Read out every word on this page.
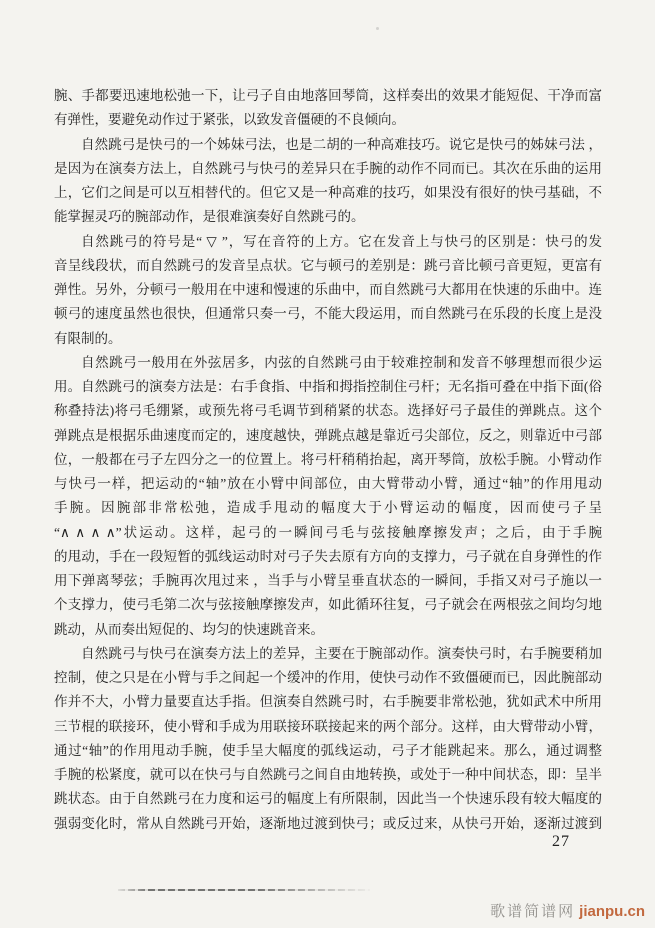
腕、手都要迅速地松弛一下，让弓子自由地落回琴筒，这样奏出的效果才能短促、干净而富
有弹性，要避免动作过于紧张，以致发音僵硬的不良倾向。
自然跳弓是快弓的一个姊妹弓法，也是二胡的一种高难技巧。说它是快弓的姊妹弓法 ，
是因为在演奏方法上，自然跳弓与快弓的差异只在手腕的动作不同而已。其次在乐曲的运用
上，它们之间是可以互相替代的。但它又是一种高难的技巧，如果没有很好的快弓基础，不
能掌握灵巧的腕部动作，是很难演奏好自然跳弓的。
自然跳弓的符号是“ ▽ ”，写在音符的上方。它在发音上与快弓的区别是：快弓的发
音呈线段状，而自然跳弓的发音呈点状。它与顿弓的差别是：跳弓音比顿弓音更短，更富有
弹性。另外，分顿弓一般用在中速和慢速的乐曲中，而自然跳弓大都用在快速的乐曲中。连
顿弓的速度虽然也很快，但通常只奏一弓，不能大段运用，而自然跳弓在乐段的长度上是没
有限制的。
自然跳弓一般用在外弦居多，内弦的自然跳弓由于较难控制和发音不够理想而很少运
用。自然跳弓的演奏方法是：右手食指、中指和拇指控制住弓杆；无名指可叠在中指下面(俗
称叠持法)将弓毛绷紧，或预先将弓毛调节到稍紧的状态。选择好弓子最佳的弹跳点。这个
弹跳点是根据乐曲速度而定的，速度越快，弹跳点越是靠近弓尖部位，反之，则靠近中弓部
位，一般都在弓子左四分之一的位置上。将弓杆稍稍抬起，离开琴筒，放松手腕。小臂动作
与快弓一样，把运动的“轴”放在小臂中间部位，由大臂带动小臂，通过“轴”的作用甩动
手腕。因腕部非常松弛，造成手甩动的幅度大于小臂运动的幅度，因而使弓子呈
“∧ ∧ ∧ ∧”状运动。这样，起弓的一瞬间弓毛与弦接触摩擦发声；之后，由于手腕
的甩动，手在一段短暂的弧线运动时对弓子失去原有方向的支撑力，弓子就在自身弹性的作
用下弹离琴弦；手腕再次甩过来 ，当手与小臂呈垂直状态的一瞬间，手指又对弓子施以一
个支撑力，使弓毛第二次与弦接触摩擦发声，如此循环往复，弓子就会在两根弦之间均匀地
跳动，从而奏出短促的、均匀的快速跳音来。
自然跳弓与快弓在演奏方法上的差异，主要在于腕部动作。演奏快弓时，右手腕要稍加
控制，使之只是在小臂与手之间起一个缓冲的作用，使快弓动作不致僵硬而已，因此腕部动
作并不大，小臂力量要直达手指。但演奏自然跳弓时，右手腕要非常松弛，犹如武术中所用
三节棍的联接环，使小臂和手成为用联接环联接起来的两个部分。这样，由大臂带动小臂，
通过“轴”的作用甩动手腕，使手呈大幅度的弧线运动，弓子才能跳起来。那么，通过调整
手腕的松紧度，就可以在快弓与自然跳弓之间自由地转换，或处于一种中间状态，即：呈半
跳状态。由于自然跳弓在力度和运弓的幅度上有所限制，因此当一个快速乐段有较大幅度的
强弱变化时，常从自然跳弓开始，逐渐地过渡到快弓；或反过来，从快弓开始，逐渐过渡到
27
歌谱简谱网 jianpu.cn
